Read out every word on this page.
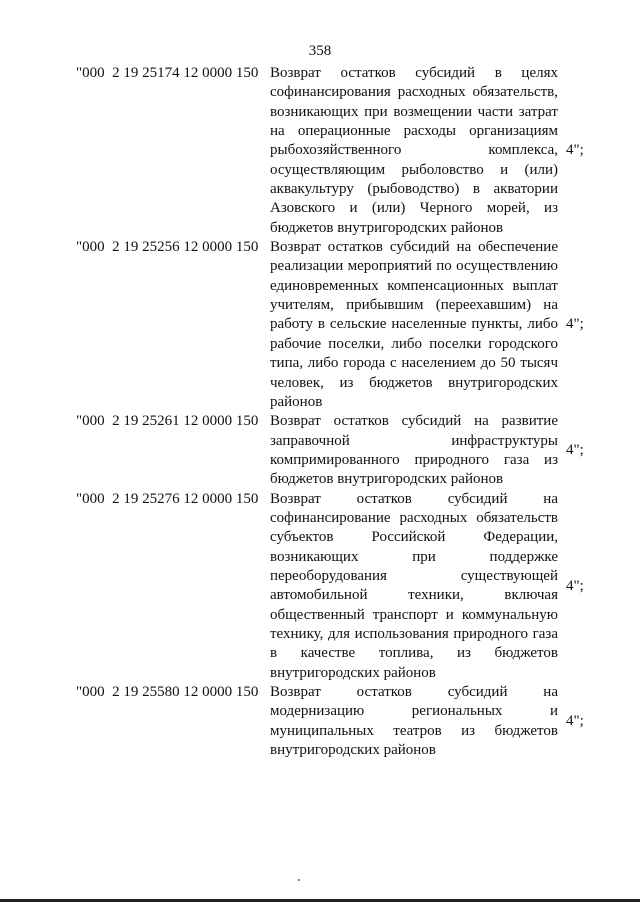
358
"000  2 19 25174 12 0000 150 Возврат остатков субсидий в целях софинансирования расходных обязательств, возникающих при возмещении части затрат на операционные расходы организациям рыбохозяйственного комплекса, осуществляющим рыболовство и (или) аквакультуру (рыбоводство) в акватории Азовского и (или) Черного морей, из бюджетов внутригородских районов
4";
"000  2 19 25256 12 0000 150 Возврат остатков субсидий на обеспечение реализации мероприятий по осуществлению единовременных компенсационных выплат учителям, прибывшим (переехавшим) на работу в сельские населенные пункты, либо рабочие поселки, либо поселки городского типа, либо города с населением до 50 тысяч человек, из бюджетов внутригородских районов
4";
"000  2 19 25261 12 0000 150 Возврат остатков субсидий на развитие заправочной инфраструктуры компримированного природного газа из бюджетов внутригородских районов
4";
"000  2 19 25276 12 0000 150 Возврат остатков субсидий на софинансирование расходных обязательств субъектов Российской Федерации, возникающих при поддержке переоборудования существующей автомобильной техники, включая общественный транспорт и коммунальную технику, для использования природного газа в качестве топлива, из бюджетов внутригородских районов
4";
"000  2 19 25580 12 0000 150 Возврат остатков субсидий на модернизацию региональных и муниципальных театров из бюджетов внутригородских районов
4";
